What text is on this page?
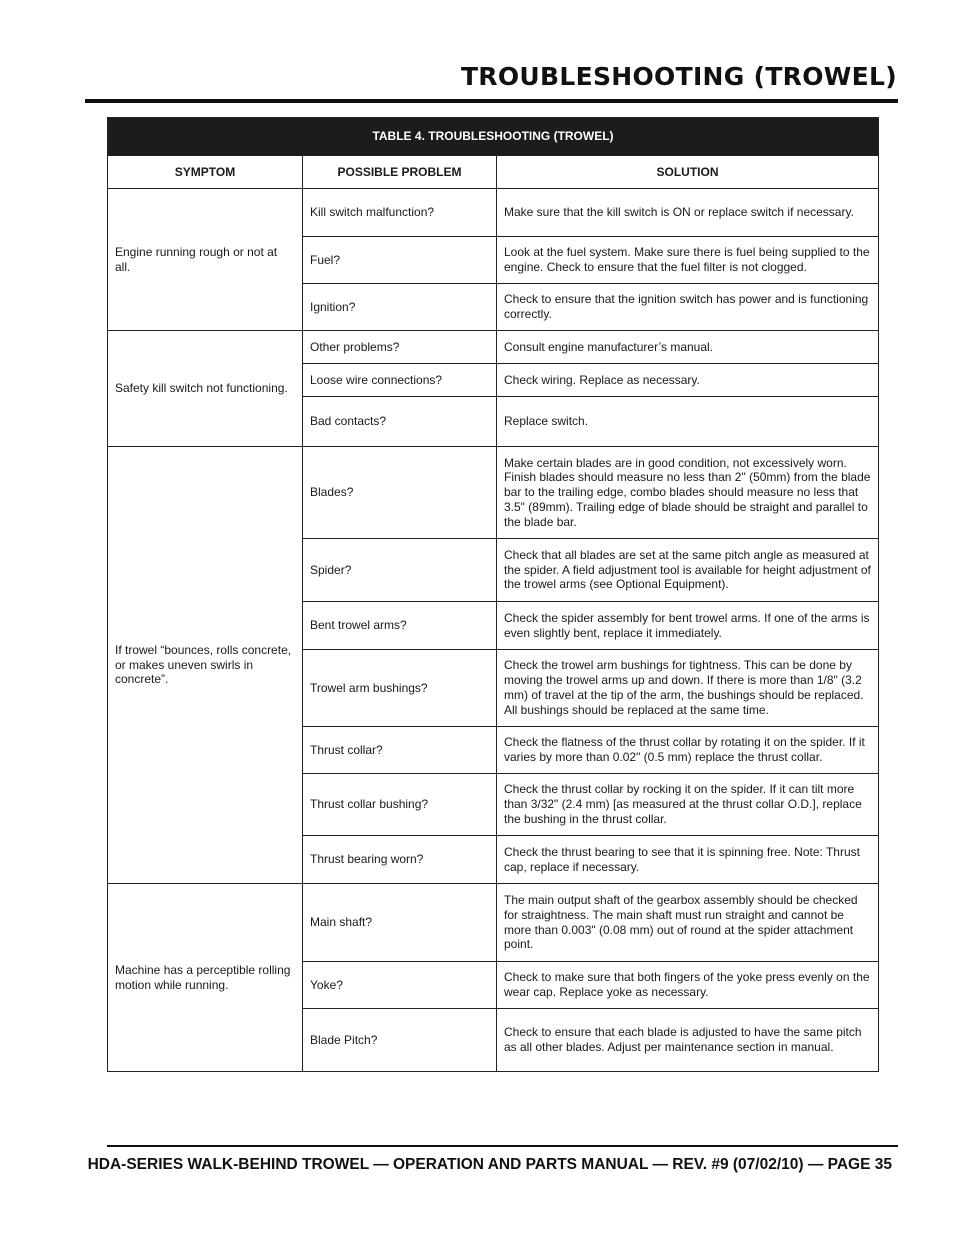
TROUBLESHOOTING (TROWEL)
TABLE 4. TROUBLESHOOTING (TROWEL)		
SYMPTOM	POSSIBLE PROBLEM	SOLUTION
Engine running rough or not at all.	Kill switch malfunction?	Make sure that the kill switch is ON or replace switch if necessary.
	Fuel?	Look at the fuel system. Make sure there is fuel being supplied to the engine. Check to ensure that the fuel filter is not clogged.
	Ignition?	Check to ensure that the ignition switch has power and is functioning correctly.
Safety kill switch not functioning.	Other problems?	Consult engine manufacturer’s manual.
	Loose wire connections?	Check wiring. Replace as necessary.
	Bad contacts?	Replace switch.
If trowel “bounces, rolls concrete, or makes uneven swirls in concrete”.	Blades?	Make certain blades are in good condition, not excessively worn. Finish blades should measure no less than 2" (50mm) from the blade bar to the trailing edge, combo blades should measure no less that 3.5" (89mm). Trailing edge of blade should be straight and parallel to the blade bar.
	Spider?	Check that all blades are set at the same pitch angle as measured at the spider. A field adjustment tool is available for height adjustment of the trowel arms (see Optional Equipment).
	Bent trowel arms?	Check the spider assembly for bent trowel arms. If one of the arms is even slightly bent, replace it immediately.
	Trowel arm bushings?	Check the trowel arm bushings for tightness. This can be done by moving the trowel arms up and down. If there is more than 1/8" (3.2 mm) of travel at the tip of the arm, the bushings should be replaced. All bushings should be replaced at the same time.
	Thrust collar?	Check the flatness of the thrust collar by rotating it on the spider. If it varies by more than 0.02" (0.5 mm) replace the thrust collar.
	Thrust collar bushing?	Check the thrust collar by rocking it on the spider. If it can tilt more than 3/32" (2.4 mm) [as measured at the thrust collar O.D.], replace the bushing in the thrust collar.
	Thrust bearing worn?	Check the thrust bearing to see that it is spinning free. Note: Thrust cap, replace if necessary.
Machine has a perceptible rolling motion while running.	Main shaft?	The main output shaft of the gearbox assembly should be checked for straightness. The main shaft must run straight and cannot be more than 0.003" (0.08 mm) out of round at the spider attachment point.
	Yoke?	Check to make sure that both fingers of the yoke press evenly on the wear cap. Replace yoke as necessary.
	Blade Pitch?	Check to ensure that each blade is adjusted to have the same pitch as all other blades. Adjust per maintenance section in manual.
HDA-SERIES WALK-BEHIND TROWEL — OPERATION AND PARTS MANUAL — REV. #9 (07/02/10) — PAGE 35
